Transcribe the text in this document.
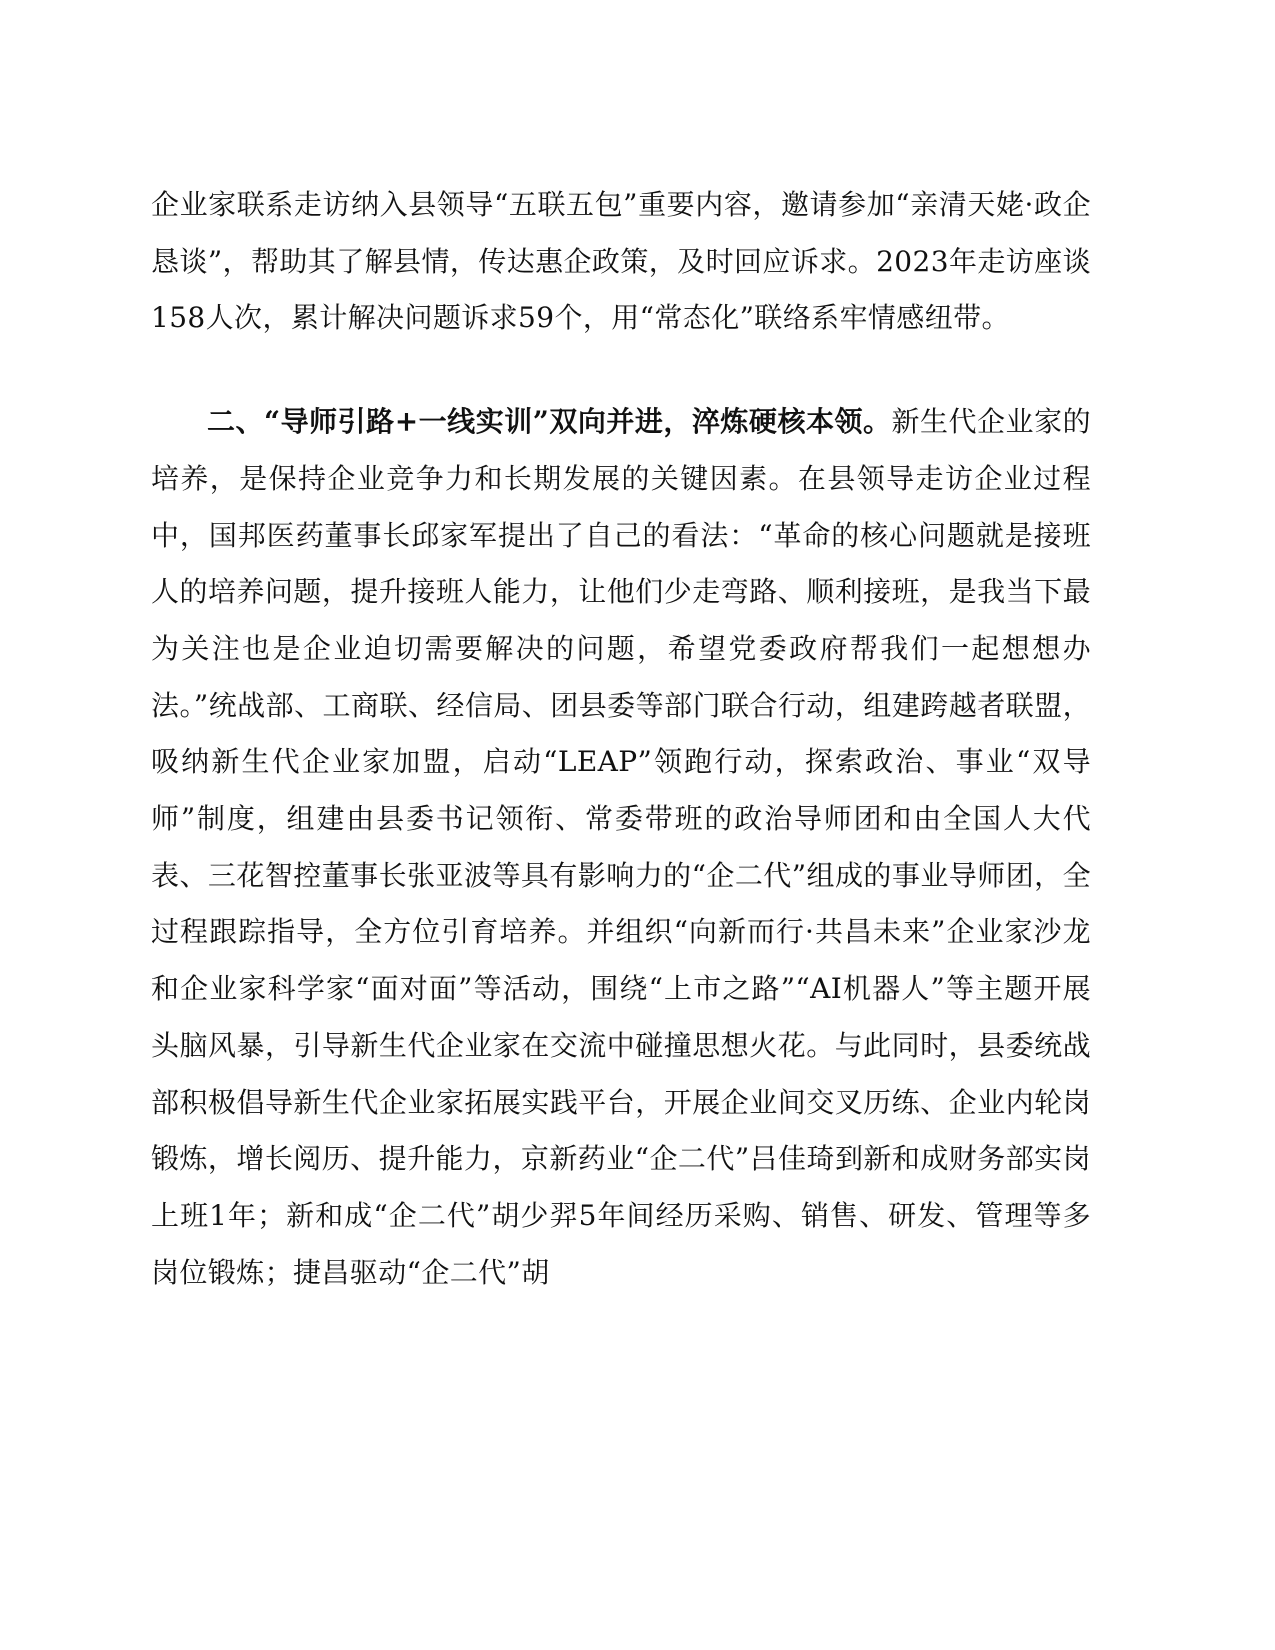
企业家联系走访纳入县领导“五联五包”重要内容，邀请参加“亲清天姥·政企恳谈”，帮助其了解县情，传达惠企政策，及时回应诉求。2023年走访座谈158人次，累计解决问题诉求59个，用“常态化”联络系牢情感纽带。

二、“导师引路+一线实训”双向并进，淬炼硬核本领。新生代企业家的培养，是保持企业竞争力和长期发展的关键因素。在县领导走访企业过程中，国邦医药董事长邱家军提出了自己的看法：“革命的核心问题就是接班人的培养问题，提升接班人能力，让他们少走弯路、顺利接班，是我当下最为关注也是企业迫切需要解决的问题，希望党委政府帮我们一起想想办法。”统战部、工商联、经信局、团县委等部门联合行动，组建跨越者联盟，吸纳新生代企业家加盟，启动“LEAP”领跑行动，探索政治、事业“双导师”制度，组建由县委书记领衔、常委带班的政治导师团和由全国人大代表、三花智控董事长张亚波等具有影响力的“企二代”组成的事业导师团，全过程跟踪指导，全方位引育培养。并组织“向新而行·共昌未来”企业家沙龙和企业家科学家“面对面”等活动，围绕“上市之路”“AI机器人”等主题开展头脑风暴，引导新生代企业家在交流中碰撞思想火花。与此同时，县委统战部积极倡导新生代企业家拓展实践平台，开展企业间交叉历练、企业内轮岗锻炼，增长阅历、提升能力，京新药业“企二代”吕佳琦到新和成财务部实岗上班1年；新和成“企二代”胡少羿5年间经历采购、销售、研发、管理等多岗位锻炼；捷昌驱动“企二代”胡
